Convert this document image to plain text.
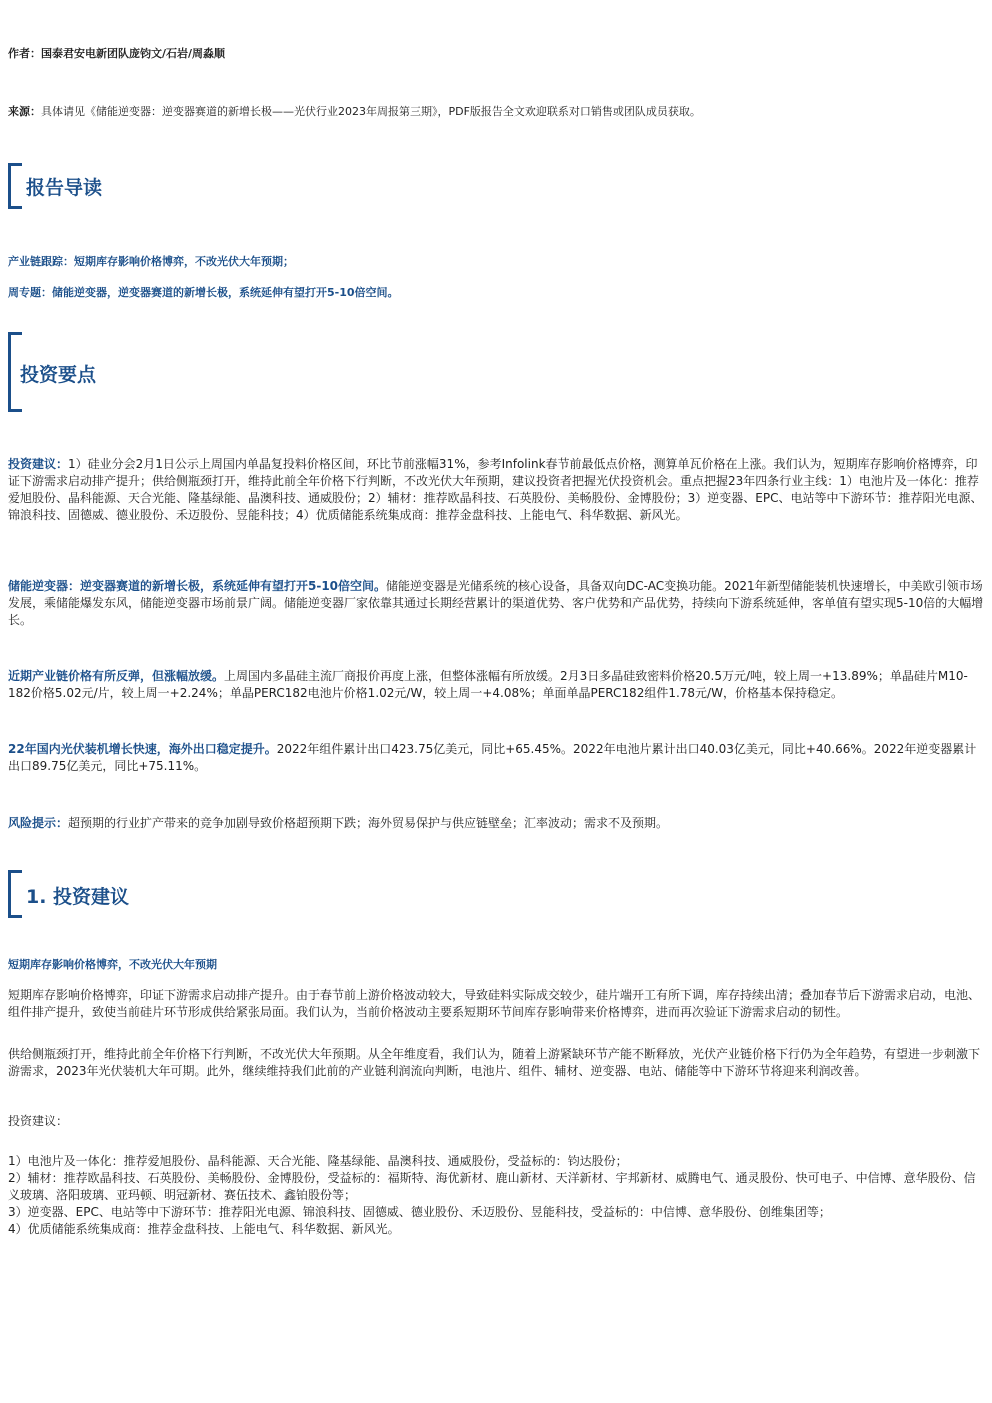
作者：国泰君安电新团队庞钧文/石岩/周淼顺

来源：具体请见《储能逆变器：逆变器赛道的新增长极——光伏行业2023年周报第三期》，PDF版报告全文欢迎联系对口销售或团队成员获取。

报告导读

产业链跟踪：短期库存影响价格博弈，不改光伏大年预期；

周专题：储能逆变器，逆变器赛道的新增长极，系统延伸有望打开5-10倍空间。

投资要点

投资建议：1）硅业分会2月1日公示上周国内单晶复投料价格区间，环比节前涨幅31%，参考Infolink春节前最低点价格，测算单瓦价格在上涨。我们认为，短期库存影响价格博弈，印证下游需求启动排产提升；供给侧瓶颈打开，维持此前全年价格下行判断，不改光伏大年预期，建议投资者把握光伏投资机会。重点把握23年四条行业主线：1）电池片及一体化：推荐爱旭股份、晶科能源、天合光能、隆基绿能、晶澳科技、通威股份；2）辅材：推荐欧晶科技、石英股份、美畅股份、金博股份；3）逆变器、EPC、电站等中下游环节：推荐阳光电源、锦浪科技、固德威、德业股份、禾迈股份、昱能科技；4）优质储能系统集成商：推荐金盘科技、上能电气、科华数据、新风光。

储能逆变器：逆变器赛道的新增长极，系统延伸有望打开5-10倍空间。储能逆变器是光储系统的核心设备，具备双向DC-AC变换功能。2021年新型储能装机快速增长，中美欧引领市场发展，乘储能爆发东风，储能逆变器市场前景广阔。储能逆变器厂家依靠其通过长期经营累计的渠道优势、客户优势和产品优势，持续向下游系统延伸，客单值有望实现5-10倍的大幅增长。

近期产业链价格有所反弹，但涨幅放缓。上周国内多晶硅主流厂商报价再度上涨，但整体涨幅有所放缓。2月3日多晶硅致密料价格20.5万元/吨，较上周一+13.89%；单晶硅片M10-182价格5.02元/片，较上周一+2.24%；单晶PERC182电池片价格1.02元/W，较上周一+4.08%；单面单晶PERC182组件1.78元/W，价格基本保持稳定。

22年国内光伏装机增长快速，海外出口稳定提升。2022年组件累计出口423.75亿美元，同比+65.45%。2022年电池片累计出口40.03亿美元，同比+40.66%。2022年逆变器累计出口89.75亿美元，同比+75.11%。

风险提示：超预期的行业扩产带来的竞争加剧导致价格超预期下跌；海外贸易保护与供应链壁垒；汇率波动；需求不及预期。

1. 投资建议

短期库存影响价格博弈，不改光伏大年预期

短期库存影响价格博弈，印证下游需求启动排产提升。由于春节前上游价格波动较大，导致硅料实际成交较少，硅片端开工有所下调，库存持续出清；叠加春节后下游需求启动，电池、组件排产提升，致使当前硅片环节形成供给紧张局面。我们认为，当前价格波动主要系短期环节间库存影响带来价格博弈，进而再次验证下游需求启动的韧性。

供给侧瓶颈打开，维持此前全年价格下行判断，不改光伏大年预期。从全年维度看，我们认为，随着上游紧缺环节产能不断释放，光伏产业链价格下行仍为全年趋势，有望进一步刺激下游需求，2023年光伏装机大年可期。此外，继续维持我们此前的产业链利润流向判断，电池片、组件、辅材、逆变器、电站、储能等中下游环节将迎来利润改善。

投资建议：

1）电池片及一体化：推荐爱旭股份、晶科能源、天合光能、隆基绿能、晶澳科技、通威股份，受益标的：钧达股份；

2）辅材：推荐欧晶科技、石英股份、美畅股份、金博股份，受益标的：福斯特、海优新材、鹿山新材、天洋新材、宇邦新材、威腾电气、通灵股份、快可电子、中信博、意华股份、信义玻璃、洛阳玻璃、亚玛顿、明冠新材、赛伍技术、鑫铂股份等；

3）逆变器、EPC、电站等中下游环节：推荐阳光电源、锦浪科技、固德威、德业股份、禾迈股份、昱能科技，受益标的：中信博、意华股份、创维集团等；

4）优质储能系统集成商：推荐金盘科技、上能电气、科华数据、新风光。
